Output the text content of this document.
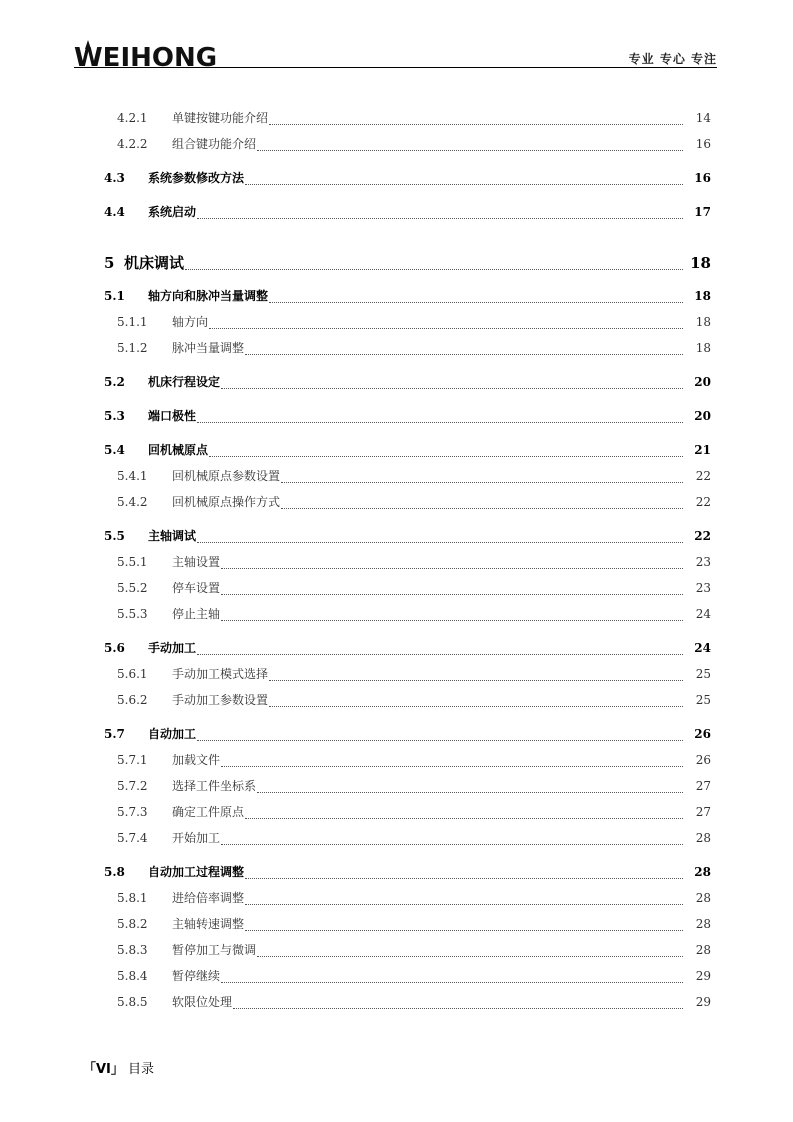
WEIHONG	专业 专心 专注
4.2.1 单键按键功能介绍	14
4.2.2 组合键功能介绍	16
4.3 系统参数修改方法	16
4.4 系统启动	17
5 机床调试	18
5.1 轴方向和脉冲当量调整	18
5.1.1 轴方向	18
5.1.2 脉冲当量调整	18
5.2 机床行程设定	20
5.3 端口极性	20
5.4 回机械原点	21
5.4.1 回机械原点参数设置	22
5.4.2 回机械原点操作方式	22
5.5 主轴调试	22
5.5.1 主轴设置	23
5.5.2 停车设置	23
5.5.3 停止主轴	24
5.6 手动加工	24
5.6.1 手动加工模式选择	25
5.6.2 手动加工参数设置	25
5.7 自动加工	26
5.7.1 加载文件	26
5.7.2 选择工件坐标系	27
5.7.3 确定工件原点	27
5.7.4 开始加工	28
5.8 自动加工过程调整	28
5.8.1 进给倍率调整	28
5.8.2 主轴转速调整	28
5.8.3 暂停加工与微调	28
5.8.4 暂停继续	29
5.8.5 软限位处理	29
「VI」 目录
